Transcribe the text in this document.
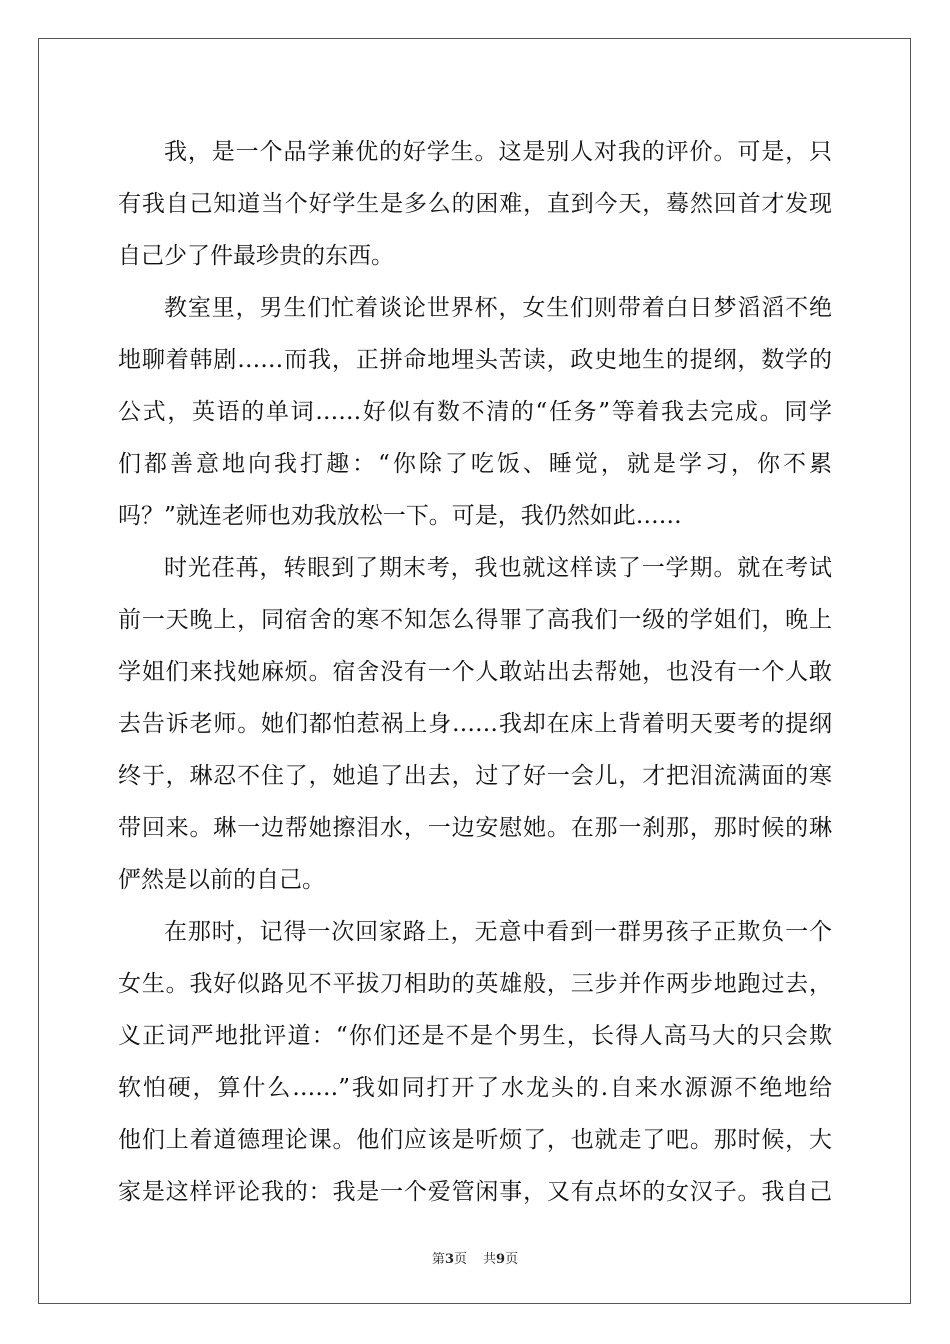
我，是一个品学兼优的好学生。这是别人对我的评价。可是，只
有我自己知道当个好学生是多么的困难，直到今天，蓦然回首才发现
自己少了件最珍贵的东西。
教室里，男生们忙着谈论世界杯，女生们则带着白日梦滔滔不绝
地聊着韩剧……而我，正拼命地埋头苦读，政史地生的提纲，数学的
公式，英语的单词……好似有数不清的“任务”等着我去完成。同学
们都善意地向我打趣：“你除了吃饭、睡觉，就是学习，你不累
吗？”就连老师也劝我放松一下。可是，我仍然如此……
时光荏苒，转眼到了期末考，我也就这样读了一学期。就在考试
前一天晚上，同宿舍的寒不知怎么得罪了高我们一级的学姐们，晚上
学姐们来找她麻烦。宿舍没有一个人敢站出去帮她，也没有一个人敢
去告诉老师。她们都怕惹祸上身……我却在床上背着明天要考的提纲
终于，琳忍不住了，她追了出去，过了好一会儿，才把泪流满面的寒
带回来。琳一边帮她擦泪水，一边安慰她。在那一刹那，那时候的琳
俨然是以前的自己。
在那时，记得一次回家路上，无意中看到一群男孩子正欺负一个
女生。我好似路见不平拔刀相助的英雄般，三步并作两步地跑过去，
义正词严地批评道：“你们还是不是个男生，长得人高马大的只会欺
软怕硬，算什么……”我如同打开了水龙头的.自来水源源不绝地给
他们上着道德理论课。他们应该是听烦了，也就走了吧。那时候，大
家是这样评论我的：我是一个爱管闲事，又有点坏的女汉子。我自己
第3页 共9页
